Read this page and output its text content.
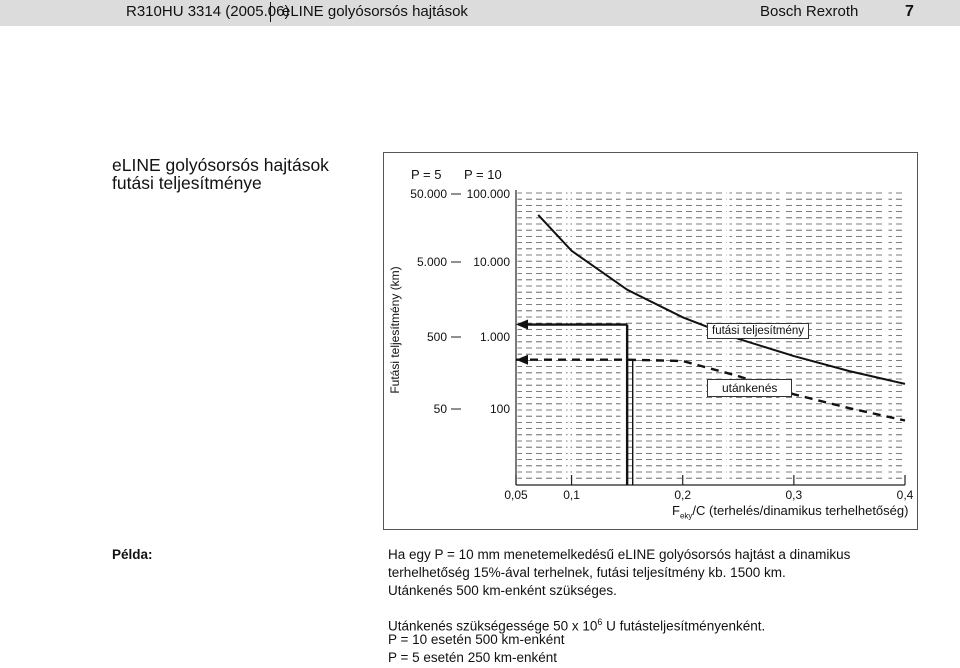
R310HU 3314 (2005.06)
eLINE golyósorsós hajtások	Bosch Rexroth	7
eLINE golyósorsós hajtások
futási teljesítménye
Futási teljesítmény (km)
50.000
5.000
500
50
100.000
10.000
1.000
100
0,05	0,1	0,2	0,3	0,4
P = 5 P = 10
futási teljesítmény
utánkenés
$F_{eky}/C$ (terhelés/dinamikus terhelhetőség)
Példa:	Ha egy P = 10 mm menetemelkedésű eLINE golyósorsós hajtást a dinamikus
terhelhetőség 15%-ával terhelnek, futási teljesítmény kb. 1500 km.
Utánkenés 500 km-enként szükséges.
Utánkenés szükségessége 50 x $10^6$ U futásteljesítményenként.
P = 10 esetén 500 km-enként
P = 5 esetén 250 km-enként
